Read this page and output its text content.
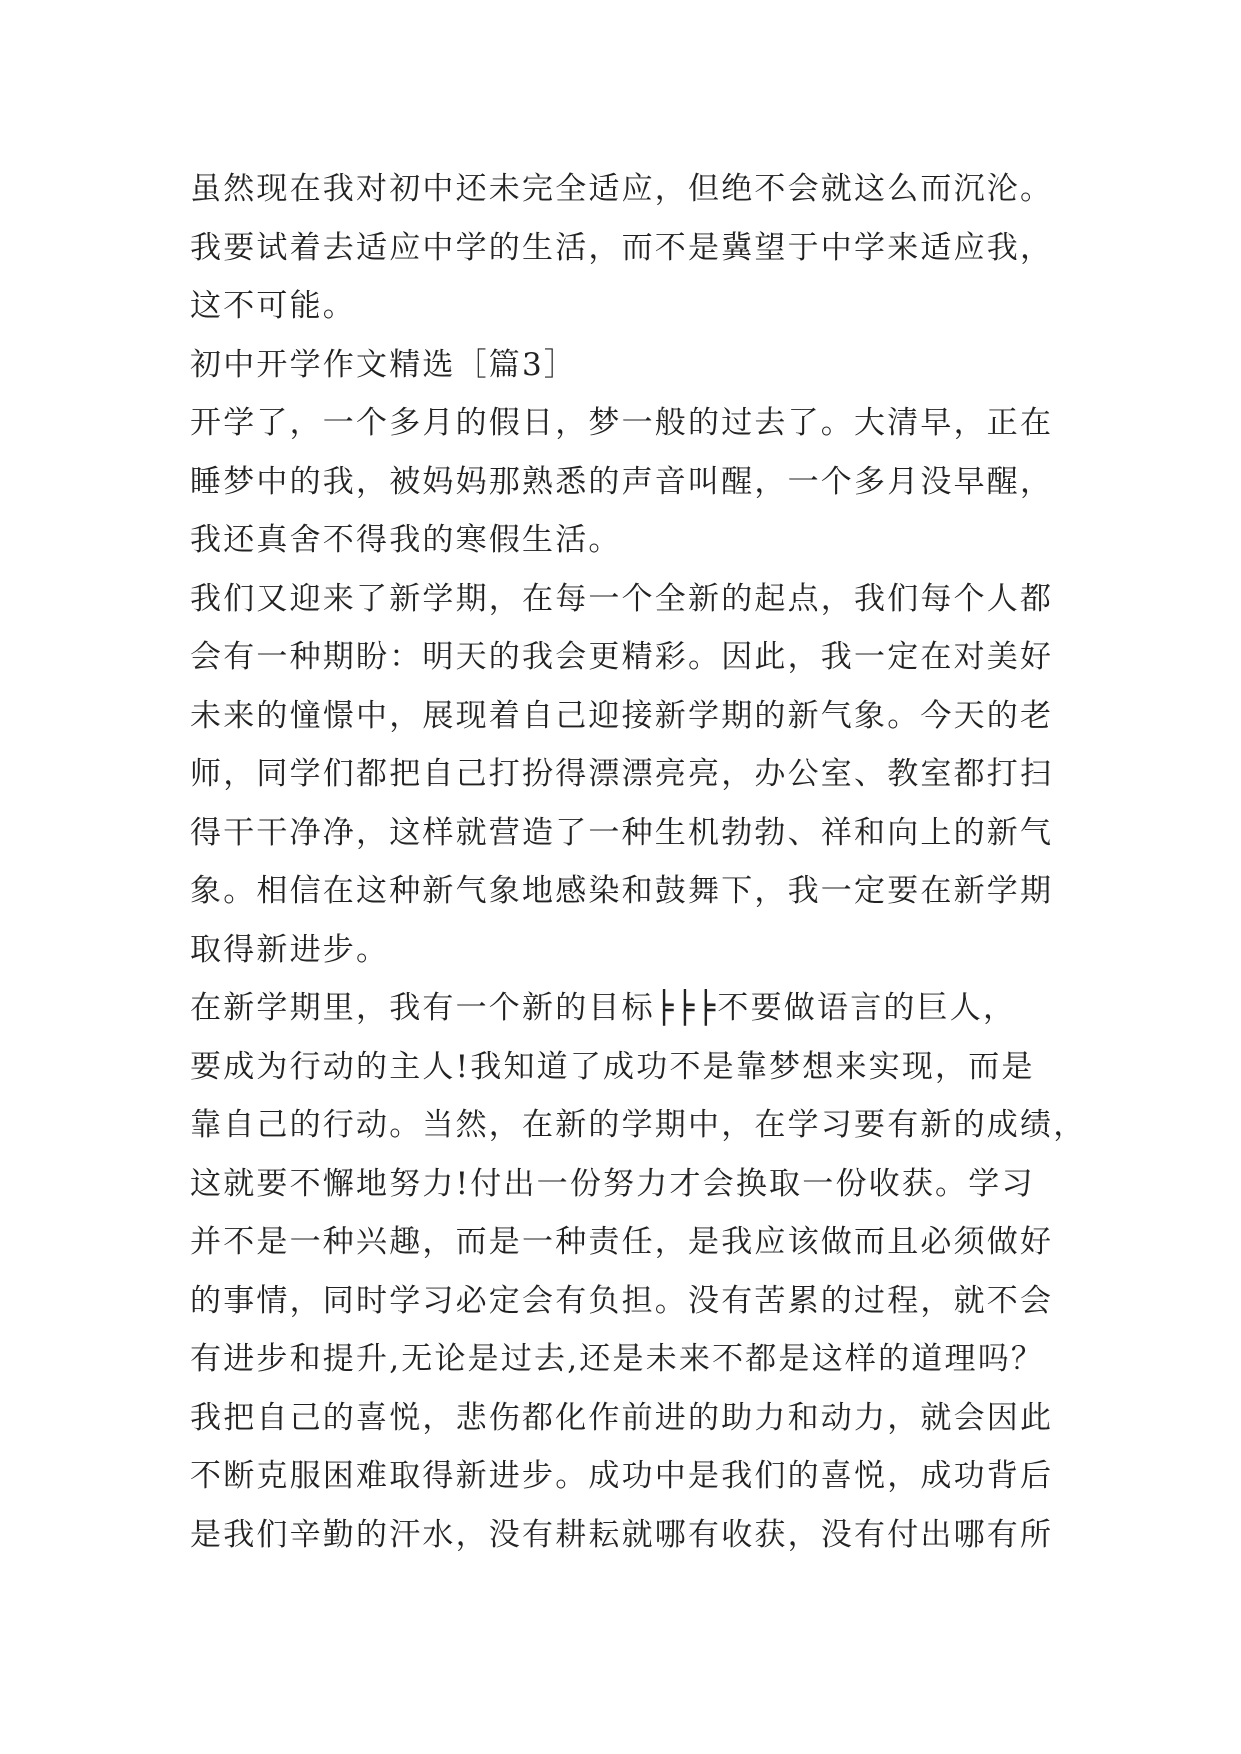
虽然现在我对初中还未完全适应，但绝不会就这么而沉沦。
我要试着去适应中学的生活，而不是冀望于中学来适应我，
这不可能。
初中开学作文精选［篇3］
开学了，一个多月的假日，梦一般的过去了。大清早，正在
睡梦中的我，被妈妈那熟悉的声音叫醒，一个多月没早醒，
我还真舍不得我的寒假生活。
我们又迎来了新学期，在每一个全新的起点，我们每个人都
会有一种期盼：明天的我会更精彩。因此，我一定在对美好
未来的憧憬中，展现着自己迎接新学期的新气象。今天的老
师，同学们都把自己打扮得漂漂亮亮，办公室、教室都打扫
得干干净净，这样就营造了一种生机勃勃、祥和向上的新气
象。相信在这种新气象地感染和鼓舞下，我一定要在新学期
取得新进步。
在新学期里，我有一个新的目标╞╞╞不要做语言的巨人，
要成为行动的主人!我知道了成功不是靠梦想来实现，而是
靠自己的行动。当然，在新的学期中，在学习要有新的成绩，
这就要不懈地努力!付出一份努力才会换取一份收获。学习
并不是一种兴趣，而是一种责任，是我应该做而且必须做好
的事情，同时学习必定会有负担。没有苦累的过程，就不会
有进步和提升,无论是过去,还是未来不都是这样的道理吗？
我把自己的喜悦，悲伤都化作前进的助力和动力，就会因此
不断克服困难取得新进步。成功中是我们的喜悦，成功背后
是我们辛勤的汗水，没有耕耘就哪有收获，没有付出哪有所
